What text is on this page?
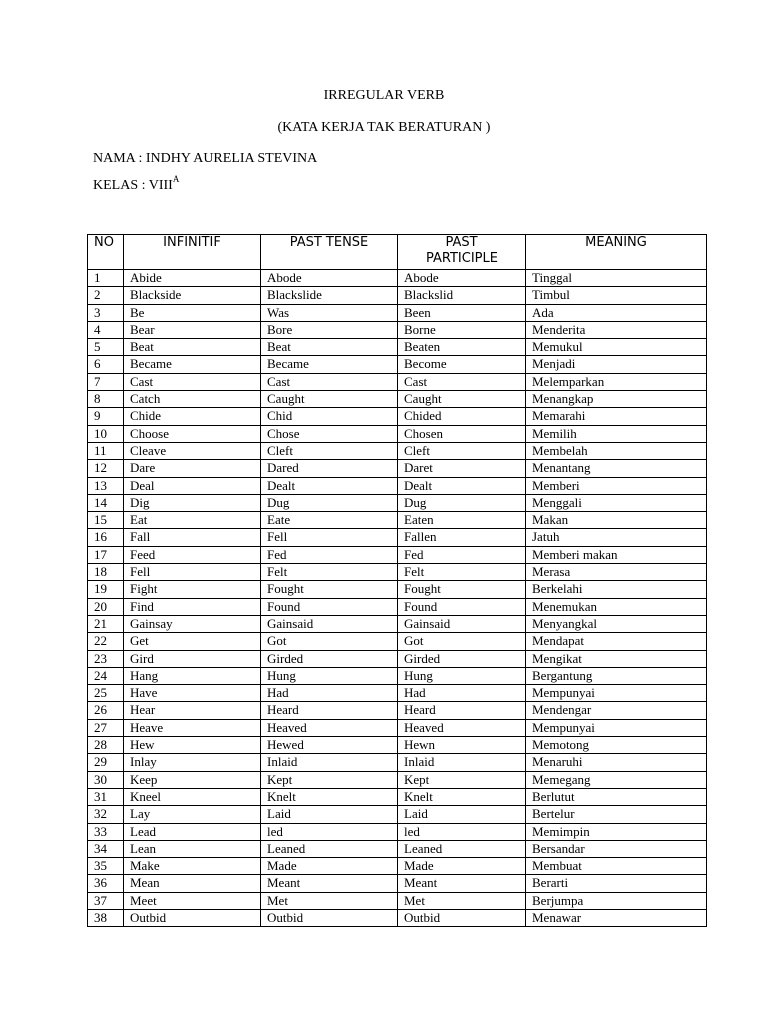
IRREGULAR VERB
(KATA KERJA TAK BERATURAN )
NAMA : INDHY AURELIA STEVINA
KELAS : $VIII^A$
NO	INFINITIF	PAST TENSE	PAST PARTICIPLE	MEANING
1	Abide	Abode	Abode	Tinggal
2	Blackside	Blackslide	Blackslid	Timbul
3	Be	Was	Been	Ada
4	Bear	Bore	Borne	Menderita
5	Beat	Beat	Beaten	Memukul
6	Became	Became	Become	Menjadi
7	Cast	Cast	Cast	Melemparkan
8	Catch	Caught	Caught	Menangkap
9	Chide	Chid	Chided	Memarahi
10	Choose	Chose	Chosen	Memilih
11	Cleave	Cleft	Cleft	Membelah
12	Dare	Dared	Daret	Menantang
13	Deal	Dealt	Dealt	Memberi
14	Dig	Dug	Dug	Menggali
15	Eat	Eate	Eaten	Makan
16	Fall	Fell	Fallen	Jatuh
17	Feed	Fed	Fed	Memberi makan
18	Fell	Felt	Felt	Merasa
19	Fight	Fought	Fought	Berkelahi
20	Find	Found	Found	Menemukan
21	Gainsay	Gainsaid	Gainsaid	Menyangkal
22	Get	Got	Got	Mendapat
23	Gird	Girded	Girded	Mengikat
24	Hang	Hung	Hung	Bergantung
25	Have	Had	Had	Mempunyai
26	Hear	Heard	Heard	Mendengar
27	Heave	Heaved	Heaved	Mempunyai
28	Hew	Hewed	Hewn	Memotong
29	Inlay	Inlaid	Inlaid	Menaruhi
30	Keep	Kept	Kept	Memegang
31	Kneel	Knelt	Knelt	Berlutut
32	Lay	Laid	Laid	Bertelur
33	Lead	led	led	Memimpin
34	Lean	Leaned	Leaned	Bersandar
35	Make	Made	Made	Membuat
36	Mean	Meant	Meant	Berarti
37	Meet	Met	Met	Berjumpa
38	Outbid	Outbid	Outbid	Menawar
